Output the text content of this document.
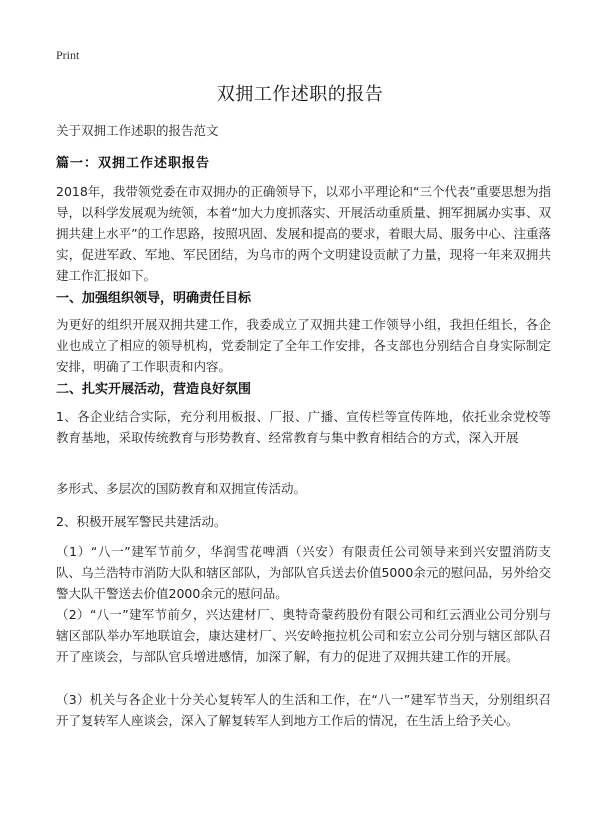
Print
双拥工作述职的报告
关于双拥工作述职的报告范文
篇一：双拥工作述职报告

2018年，我带领党委在市双拥办的正确领导下，以邓小平理论和“三个代表”重要思想为指导，以科学发展观为统领，本着“加大力度抓落实、开展活动重质量、拥军拥属办实事、双拥共建上水平”的工作思路，按照巩固、发展和提高的要求，着眼大局、服务中心、注重落实，促进军政、军地、军民团结，为乌市的两个文明建设贡献了力量，现将一年来双拥共建工作汇报如下。

一、加强组织领导，明确责任目标

为更好的组织开展双拥共建工作，我委成立了双拥共建工作领导小组，我担任组长，各企业也成立了相应的领导机构，党委制定了全年工作安排，各支部也分别结合自身实际制定安排，明确了工作职责和内容。

二、扎实开展活动，营造良好氛围

1、各企业结合实际，充分利用板报、厂报、广播、宣传栏等宣传阵地，依托业余党校等教育基地，采取传统教育与形势教育、经常教育与集中教育相结合的方式，深入开展

多形式、多层次的国防教育和双拥宣传活动。

2、积极开展军警民共建活动。

（1）“八一”建军节前夕，华润雪花啤酒（兴安）有限责任公司领导来到兴安盟消防支队、乌兰浩特市消防大队和辖区部队，为部队官兵送去价值5000余元的慰问品，另外给交警大队干警送去价值2000余元的慰问品。

（2）“八一”建军节前夕，兴达建材厂、奥特奇蒙药股份有限公司和红云酒业公司分别与辖区部队举办军地联谊会，康达建材厂、兴安岭拖拉机公司和宏立公司分别与辖区部队召开了座谈会，与部队官兵增进感情，加深了解，有力的促进了双拥共建工作的开展。

（3）机关与各企业十分关心复转军人的生活和工作，在“八一”建军节当天，分别组织召开了复转军人座谈会，深入了解复转军人到地方工作后的情况，在生活上给予关心。
